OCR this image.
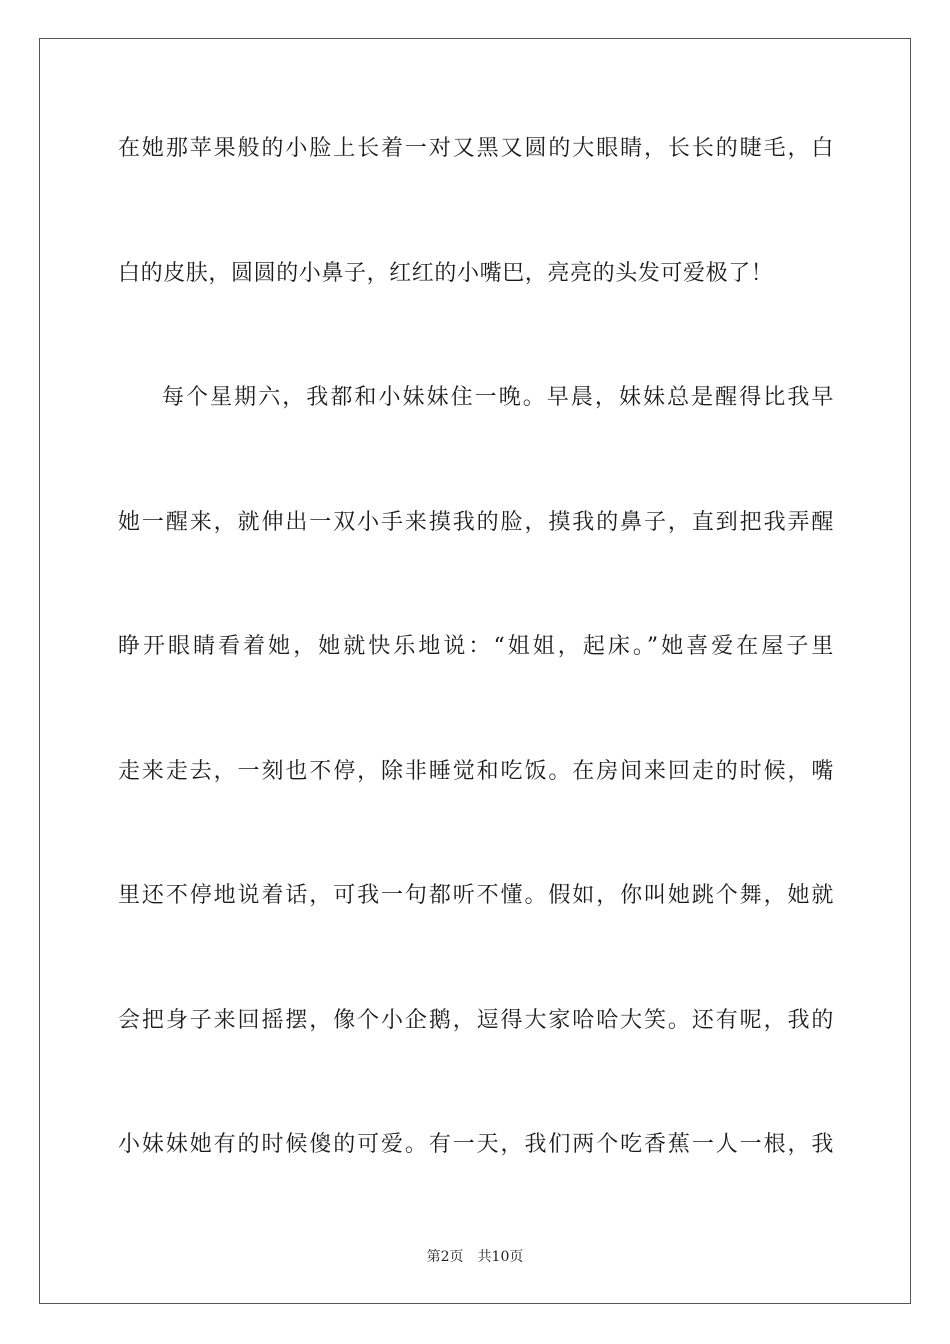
在她那苹果般的小脸上长着一对又黑又圆的大眼睛，长长的睫毛，白
白的皮肤，圆圆的小鼻子，红红的小嘴巴，亮亮的头发可爱极了！
每个星期六，我都和小妹妹住一晚。早晨，妹妹总是醒得比我早
她一醒来，就伸出一双小手来摸我的脸，摸我的鼻子，直到把我弄醒
睁开眼睛看着她，她就快乐地说：“姐姐，起床。”她喜爱在屋子里
走来走去，一刻也不停，除非睡觉和吃饭。在房间来回走的时候，嘴
里还不停地说着话，可我一句都听不懂。假如，你叫她跳个舞，她就
会把身子来回摇摆，像个小企鹅，逗得大家哈哈大笑。还有呢，我的
小妹妹她有的时候傻的可爱。有一天，我们两个吃香蕉一人一根，我
第2页 共10页
